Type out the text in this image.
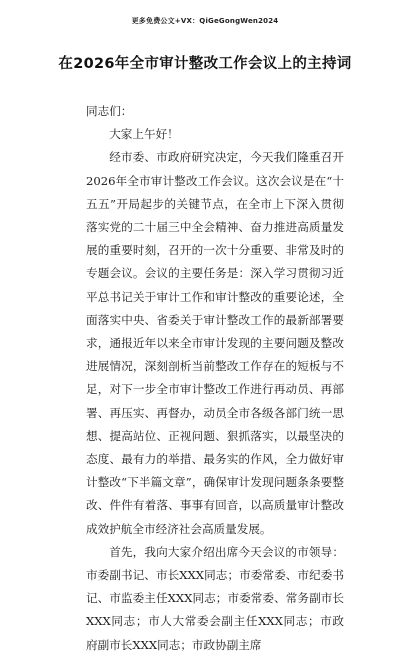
更多免费公文+VX：QiGeGongWen2024
在2026年全市审计整改工作会议上的主持词

同志们：

大家上午好！

经市委、市政府研究决定，今天我们隆重召开2026年全市审计整改工作会议。这次会议是在“十五五”开局起步的关键节点，在全市上下深入贯彻落实党的二十届三中全会精神、奋力推进高质量发展的重要时刻，召开的一次十分重要、非常及时的专题会议。会议的主要任务是：深入学习贯彻习近平总书记关于审计工作和审计整改的重要论述，全面落实中央、省委关于审计整改工作的最新部署要求，通报近年以来全市审计发现的主要问题及整改进展情况，深刻剖析当前整改工作存在的短板与不足，对下一步全市审计整改工作进行再动员、再部署、再压实、再督办，动员全市各级各部门统一思想、提高站位、正视问题、狠抓落实，以最坚决的态度、最有力的举措、最务实的作风，全力做好审计整改“下半篇文章”，确保审计发现问题条条要整改、件件有着落、事事有回音，以高质量审计整改成效护航全市经济社会高质量发展。

首先，我向大家介绍出席今天会议的市领导：市委副书记、市长XXX同志；市委常委、市纪委书记、市监委主任XXX同志；市委常委、常务副市长XXX同志；市人大常委会副主任XXX同志；市政府副市长XXX同志；市政协副主席
